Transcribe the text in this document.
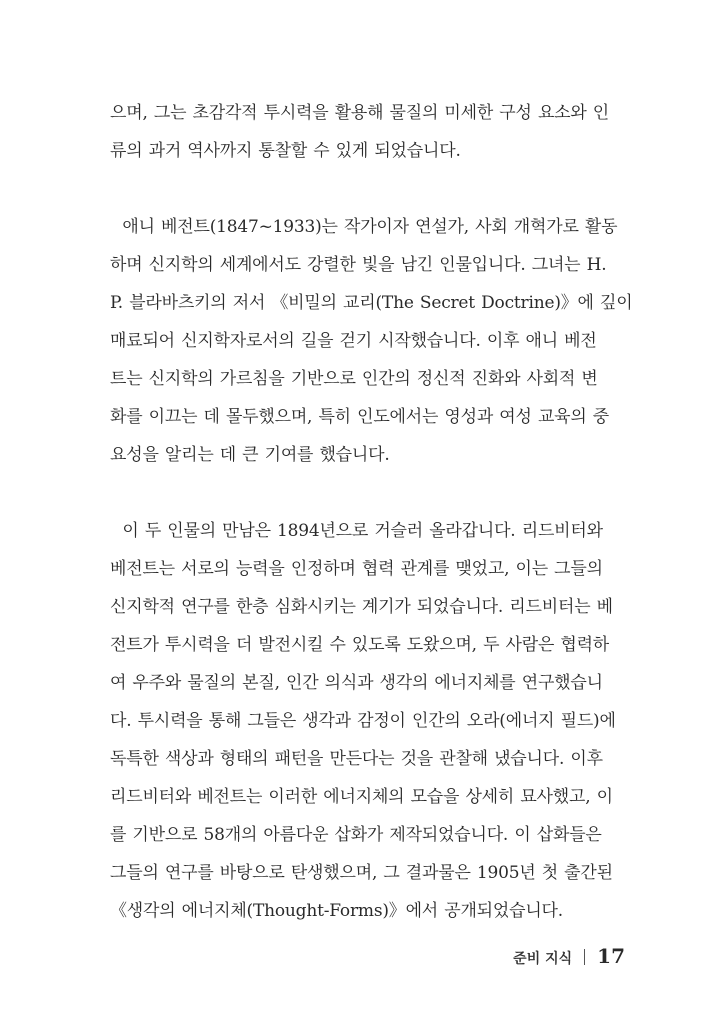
으며, 그는 초감각적 투시력을 활용해 물질의 미세한 구성 요소와 인
류의 과거 역사까지 통찰할 수 있게 되었습니다.
애니 베전트(1847~1933)는 작가이자 연설가, 사회 개혁가로 활동
하며 신지학의 세계에서도 강렬한 빛을 남긴 인물입니다. 그녀는 H.
P. 블라바츠키의 저서 《비밀의 교리(The Secret Doctrine)》에 깊이
매료되어 신지학자로서의 길을 걷기 시작했습니다. 이후 애니 베전
트는 신지학의 가르침을 기반으로 인간의 정신적 진화와 사회적 변
화를 이끄는 데 몰두했으며, 특히 인도에서는 영성과 여성 교육의 중
요성을 알리는 데 큰 기여를 했습니다.
이 두 인물의 만남은 1894년으로 거슬러 올라갑니다. 리드비터와
베전트는 서로의 능력을 인정하며 협력 관계를 맺었고, 이는 그들의
신지학적 연구를 한층 심화시키는 계기가 되었습니다. 리드비터는 베
전트가 투시력을 더 발전시킬 수 있도록 도왔으며, 두 사람은 협력하
여 우주와 물질의 본질, 인간 의식과 생각의 에너지체를 연구했습니
다. 투시력을 통해 그들은 생각과 감정이 인간의 오라(에너지 필드)에
독특한 색상과 형태의 패턴을 만든다는 것을 관찰해 냈습니다. 이후
리드비터와 베전트는 이러한 에너지체의 모습을 상세히 묘사했고, 이
를 기반으로 58개의 아름다운 삽화가 제작되었습니다. 이 삽화들은
그들의 연구를 바탕으로 탄생했으며, 그 결과물은 1905년 첫 출간된
《생각의 에너지체(Thought-Forms)》에서 공개되었습니다.
준비 지식 17
